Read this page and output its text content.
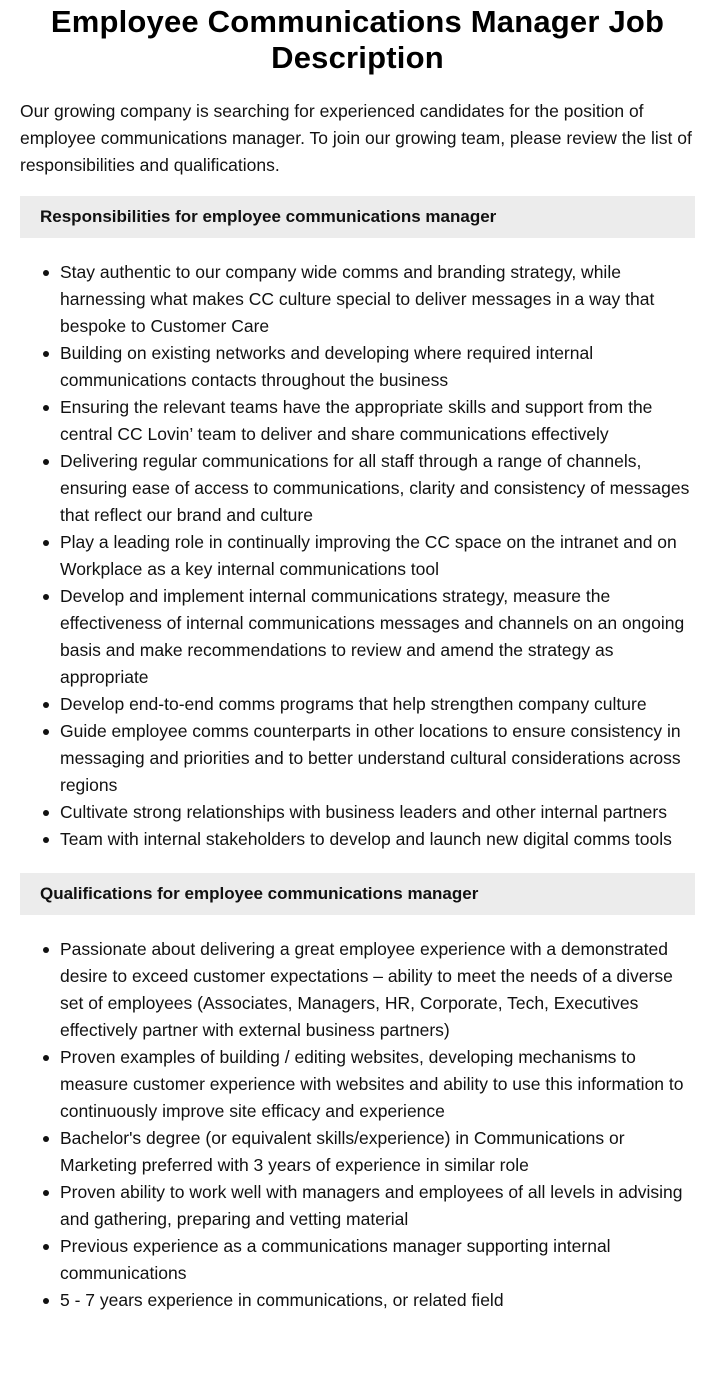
Employee Communications Manager Job Description

Our growing company is searching for experienced candidates for the position of employee communications manager. To join our growing team, please review the list of responsibilities and qualifications.

Responsibilities for employee communications manager
Stay authentic to our company wide comms and branding strategy, while harnessing what makes CC culture special to deliver messages in a way that bespoke to Customer Care
Building on existing networks and developing where required internal communications contacts throughout the business
Ensuring the relevant teams have the appropriate skills and support from the central CC Lovin’ team to deliver and share communications effectively
Delivering regular communications for all staff through a range of channels, ensuring ease of access to communications, clarity and consistency of messages that reflect our brand and culture
Play a leading role in continually improving the CC space on the intranet and on Workplace as a key internal communications tool
Develop and implement internal communications strategy, measure the effectiveness of internal communications messages and channels on an ongoing basis and make recommendations to review and amend the strategy as appropriate
Develop end-to-end comms programs that help strengthen company culture
Guide employee comms counterparts in other locations to ensure consistency in messaging and priorities and to better understand cultural considerations across regions
Cultivate strong relationships with business leaders and other internal partners
Team with internal stakeholders to develop and launch new digital comms tools
Qualifications for employee communications manager
Passionate about delivering a great employee experience with a demonstrated desire to exceed customer expectations – ability to meet the needs of a diverse set of employees (Associates, Managers, HR, Corporate, Tech, Executives effectively partner with external business partners)
Proven examples of building / editing websites, developing mechanisms to measure customer experience with websites and ability to use this information to continuously improve site efficacy and experience
Bachelor's degree (or equivalent skills/experience) in Communications or Marketing preferred with 3 years of experience in similar role
Proven ability to work well with managers and employees of all levels in advising and gathering, preparing and vetting material
Previous experience as a communications manager supporting internal communications
5 - 7 years experience in communications, or related field
